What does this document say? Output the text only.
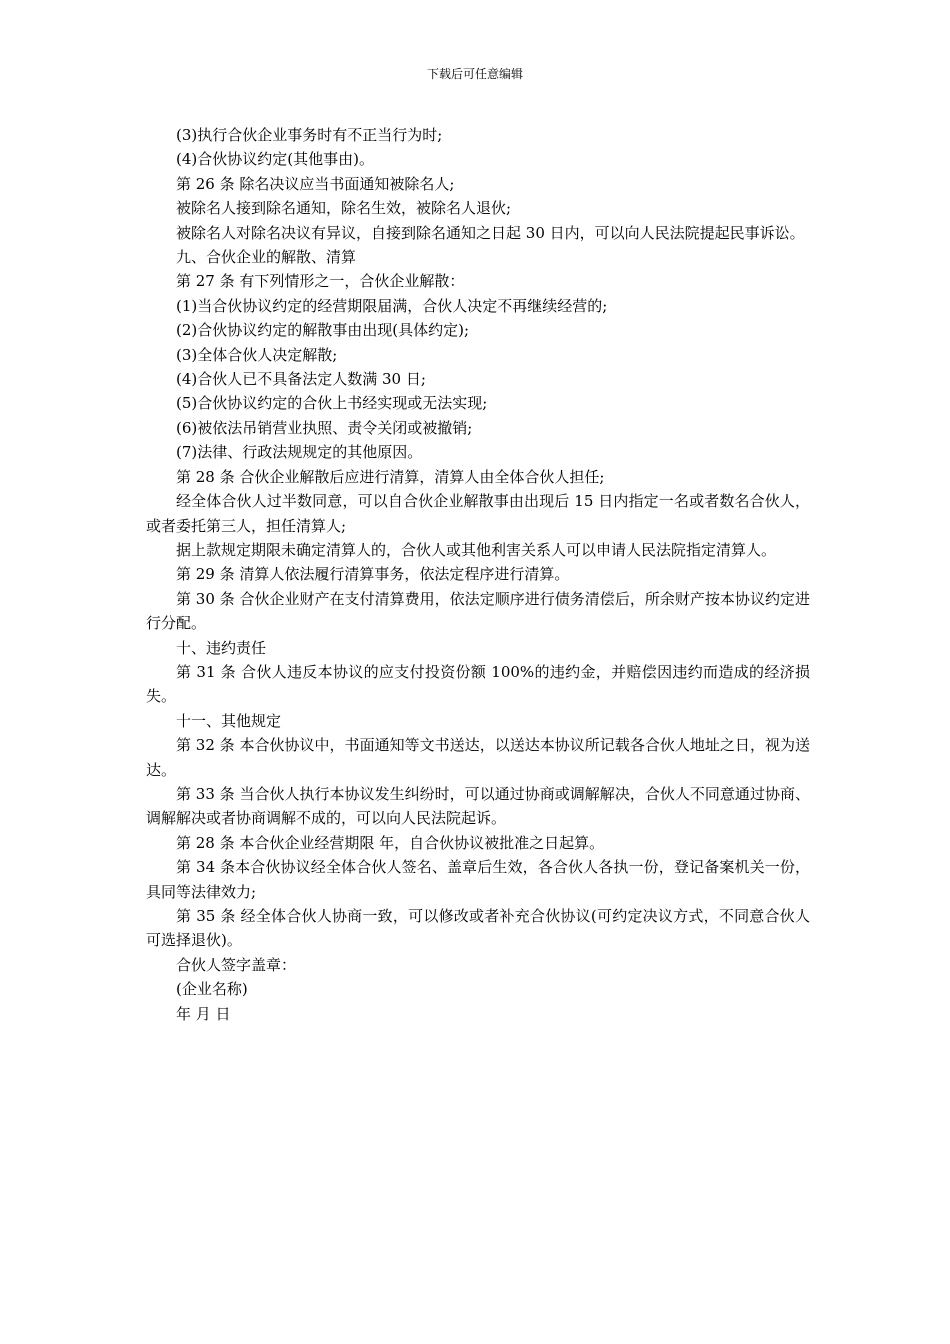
下载后可任意编辑

(3)执行合伙企业事务时有不正当行为时;

(4)合伙协议约定(其他事由)。

第 26 条 除名决议应当书面通知被除名人;

被除名人接到除名通知，除名生效，被除名人退伙;

被除名人对除名决议有异议，自接到除名通知之日起 30 日内，可以向人民法院提起民事诉讼。

九、合伙企业的解散、清算

第 27 条 有下列情形之一，合伙企业解散：

(1)当合伙协议约定的经营期限届满，合伙人决定不再继续经营的;

(2)合伙协议约定的解散事由出现(具体约定);

(3)全体合伙人决定解散;

(4)合伙人已不具备法定人数满 30 日;

(5)合伙协议约定的合伙上书经实现或无法实现;

(6)被依法吊销营业执照、责令关闭或被撤销;

(7)法律、行政法规规定的其他原因。

第 28 条 合伙企业解散后应进行清算，清算人由全体合伙人担任;

经全体合伙人过半数同意，可以自合伙企业解散事由出现后 15 日内指定一名或者数名合伙人，或者委托第三人，担任清算人;

据上款规定期限未确定清算人的，合伙人或其他利害关系人可以申请人民法院指定清算人。

第 29 条 清算人依法履行清算事务，依法定程序进行清算。

第 30 条 合伙企业财产在支付清算费用，依法定顺序进行债务清偿后，所余财产按本协议约定进行分配。

十、违约责任

第 31 条 合伙人违反本协议的应支付投资份额 100%的违约金，并赔偿因违约而造成的经济损失。

十一、其他规定

第 32 条 本合伙协议中，书面通知等文书送达，以送达本协议所记载各合伙人地址之日，视为送达。

第 33 条 当合伙人执行本协议发生纠纷时，可以通过协商或调解解决，合伙人不同意通过协商、调解解决或者协商调解不成的，可以向人民法院起诉。

第 28 条 本合伙企业经营期限 年，自合伙协议被批准之日起算。

第 34 条本合伙协议经全体合伙人签名、盖章后生效，各合伙人各执一份，登记备案机关一份，具同等法律效力;

第 35 条 经全体合伙人协商一致，可以修改或者补充合伙协议(可约定决议方式，不同意合伙人可选择退伙)。

合伙人签字盖章：

(企业名称)

年 月 日
